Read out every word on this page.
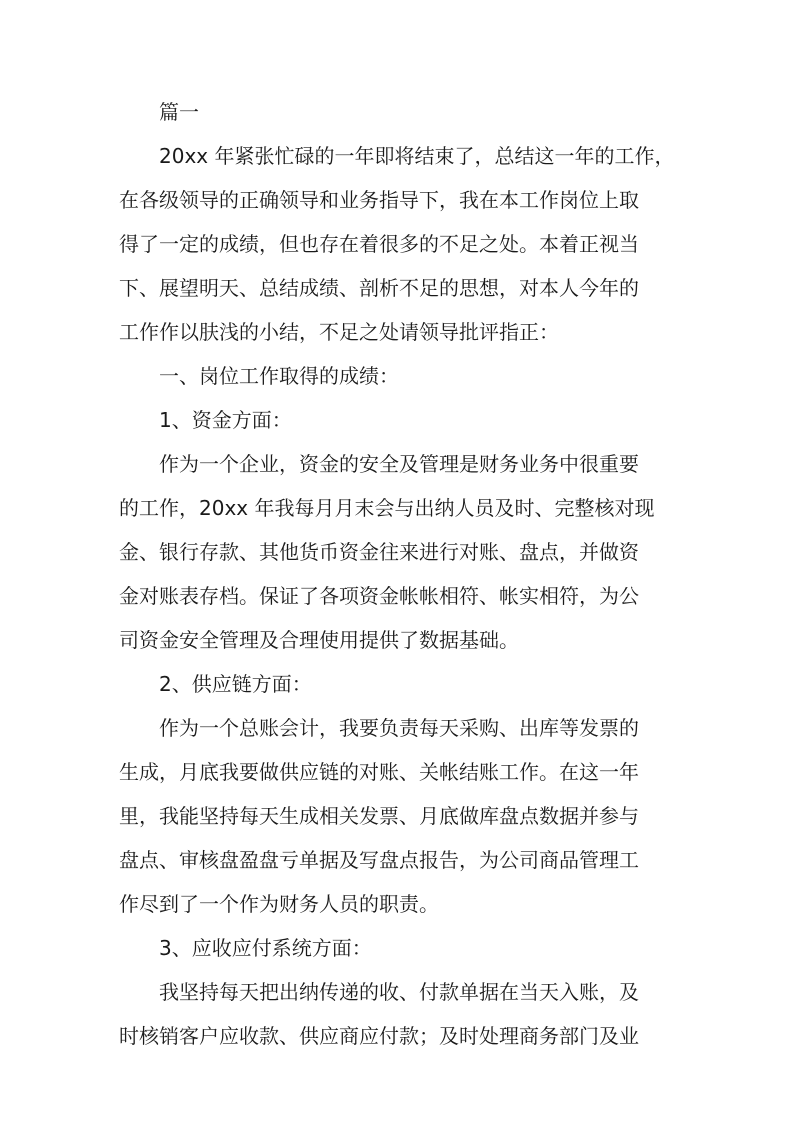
篇一

20xx 年紧张忙碌的一年即将结束了，总结这一年的工作，
在各级领导的正确领导和业务指导下，我在本工作岗位上取
得了一定的成绩，但也存在着很多的不足之处。本着正视当
下、展望明天、总结成绩、剖析不足的思想，对本人今年的
工作作以肤浅的小结，不足之处请领导批评指正：

一、岗位工作取得的成绩：

1、资金方面：

作为一个企业，资金的安全及管理是财务业务中很重要
的工作，20xx 年我每月月末会与出纳人员及时、完整核对现
金、银行存款、其他货币资金往来进行对账、盘点，并做资
金对账表存档。保证了各项资金帐帐相符、帐实相符，为公
司资金安全管理及合理使用提供了数据基础。

2、供应链方面：

作为一个总账会计，我要负责每天采购、出库等发票的
生成，月底我要做供应链的对账、关帐结账工作。在这一年
里，我能坚持每天生成相关发票、月底做库盘点数据并参与
盘点、审核盘盈盘亏单据及写盘点报告，为公司商品管理工
作尽到了一个作为财务人员的职责。

3、应收应付系统方面：

我坚持每天把出纳传递的收、付款单据在当天入账，及
时核销客户应收款、供应商应付款；及时处理商务部门及业
